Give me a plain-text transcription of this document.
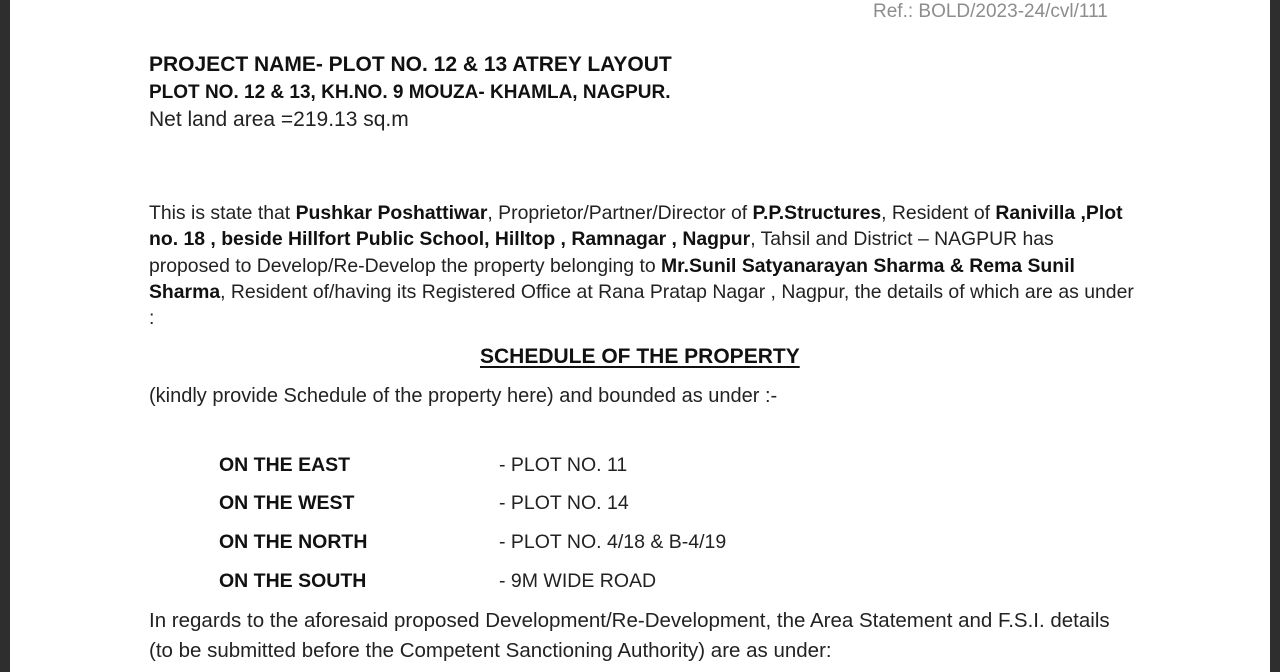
Ref.: BOLD/2023-24/cvl/111
PROJECT NAME- PLOT NO. 12 & 13 ATREY LAYOUT
PLOT NO. 12 & 13, KH.NO. 9 MOUZA- KHAMLA, NAGPUR.
Net land area =219.13 sq.m
This is state that Pushkar Poshattiwar, Proprietor/Partner/Director of P.P.Structures, Resident of Ranivilla ,Plot no. 18 , beside Hillfort Public School, Hilltop , Ramnagar , Nagpur, Tahsil and District – NAGPUR has proposed to Develop/Re-Develop the property belonging to Mr.Sunil Satyanarayan Sharma & Rema Sunil Sharma, Resident of/having its Registered Office at Rana Pratap Nagar , Nagpur, the details of which are as under :
SCHEDULE OF THE PROPERTY
(kindly provide Schedule of the property here) and bounded as under :-
ON THE EAST	- PLOT NO. 11
ON THE WEST	- PLOT NO. 14
ON THE NORTH	- PLOT NO. 4/18 & B-4/19
ON THE SOUTH	- 9M WIDE ROAD
In regards to the aforesaid proposed Development/Re-Development, the Area Statement and F.S.I. details (to be submitted before the Competent Sanctioning Authority) are as under:
